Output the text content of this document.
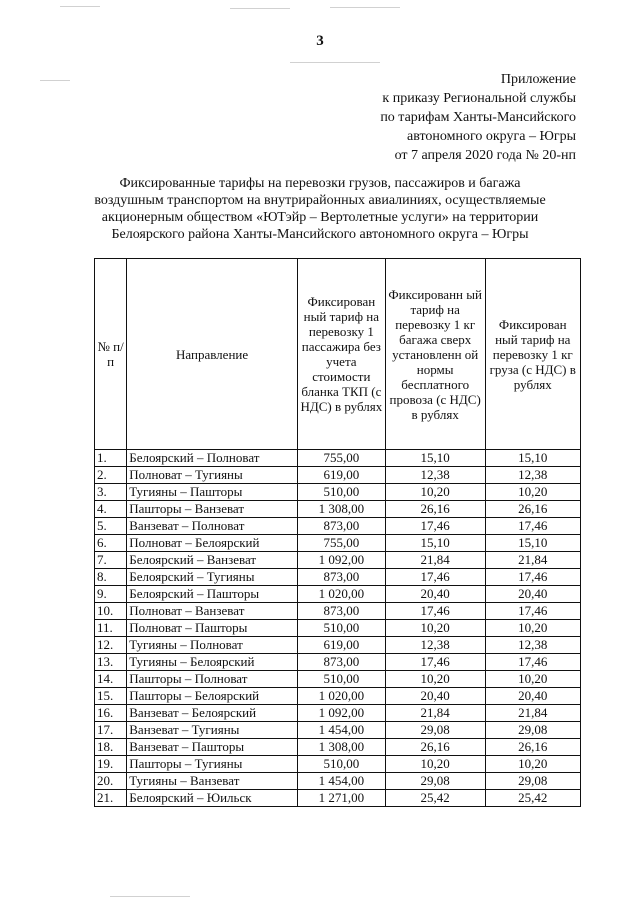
3
Приложение
к приказу Региональной службы
по тарифам Ханты-Мансийского
автономного округа – Югры
от 7 апреля 2020 года № 20-нп
Фиксированные тарифы на перевозки грузов, пассажиров и багажа
воздушным транспортом на внутрирайонных авиалиниях, осуществляемые
акционерным обществом «ЮТэйр – Вертолетные услуги» на территории
Белоярского района Ханты-Мансийского автономного округа – Югры
№ п/п	Направление	Фиксирован ный тариф на перевозку 1 пассажира без учета стоимости бланка ТКП (с НДС) в рублях	Фиксированн ый тариф на перевозку 1 кг багажа сверх установленн ой нормы бесплатного провоза (с НДС) в рублях	Фиксирован ный тариф на перевозку 1 кг груза (с НДС) в рублях
1.	Белоярский – Полноват	755,00	15,10	15,10
2.	Полноват – Тугияны	619,00	12,38	12,38
3.	Тугияны – Пашторы	510,00	10,20	10,20
4.	Пашторы – Ванзеват	1 308,00	26,16	26,16
5.	Ванзеват – Полноват	873,00	17,46	17,46
6.	Полноват – Белоярский	755,00	15,10	15,10
7.	Белоярский – Ванзеват	1 092,00	21,84	21,84
8.	Белоярский – Тугияны	873,00	17,46	17,46
9.	Белоярский – Пашторы	1 020,00	20,40	20,40
10.	Полноват – Ванзеват	873,00	17,46	17,46
11.	Полноват – Пашторы	510,00	10,20	10,20
12.	Тугияны – Полноват	619,00	12,38	12,38
13.	Тугияны – Белоярский	873,00	17,46	17,46
14.	Пашторы – Полноват	510,00	10,20	10,20
15.	Пашторы – Белоярский	1 020,00	20,40	20,40
16.	Ванзеват – Белоярский	1 092,00	21,84	21,84
17.	Ванзеват – Тугияны	1 454,00	29,08	29,08
18.	Ванзеват – Пашторы	1 308,00	26,16	26,16
19.	Пашторы – Тугияны	510,00	10,20	10,20
20.	Тугияны – Ванзеват	1 454,00	29,08	29,08
21.	Белоярский – Юильск	1 271,00	25,42	25,42
